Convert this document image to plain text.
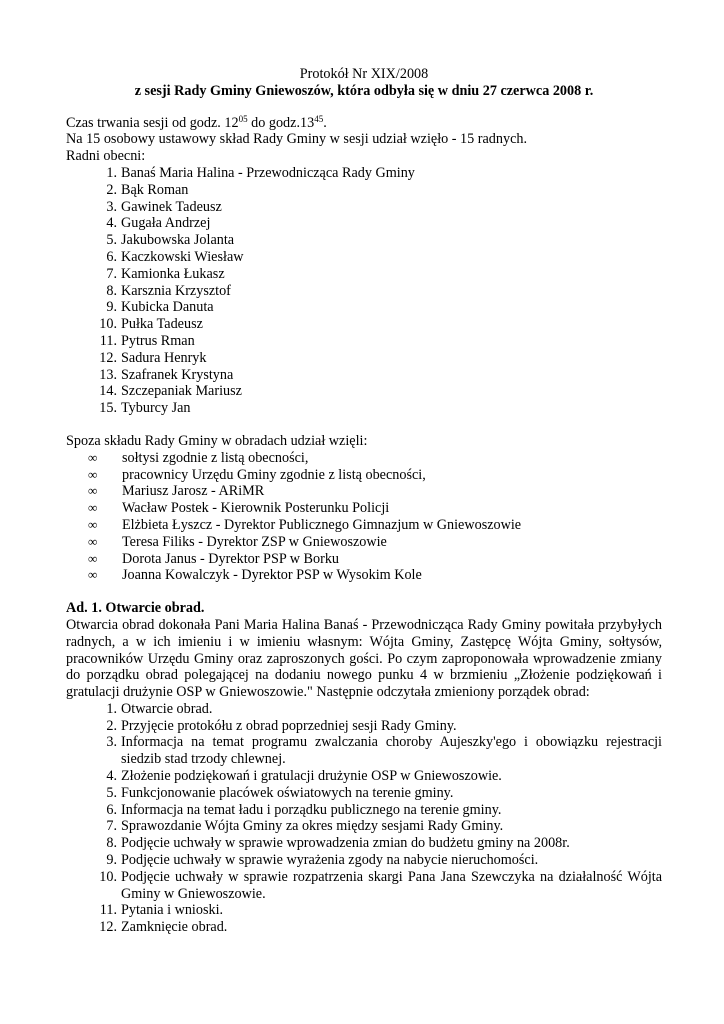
Protokół Nr XIX/2008

z sesji Rady Gminy Gniewoszów, która odbyła się w dniu 27 czerwca 2008 r.

Czas trwania sesji od godz. $12^{05}$ do $godz.13^{45}$.

Na 15 osobowy ustawowy skład Rady Gminy w sesji udział wzięło - 15 radnych.

Radni obecni:

1. Banaś Maria Halina - Przewodnicząca Rady Gminy
2. Bąk Roman
3. Gawinek Tadeusz
4. Gugała Andrzej
5. Jakubowska Jolanta
6. Kaczkowski Wiesław
7. Kamionka Łukasz
8. Karsznia Krzysztof
9. Kubicka Danuta
10. Pułka Tadeusz
11. Pytrus Rman
12. Sadura Henryk
13. Szafranek Krystyna
14. Szczepaniak Mariusz
15. Tyburcy Jan

Spoza składu Rady Gminy w obradach udział wzięli:

∞ sołtysi zgodnie z listą obecności,
∞ pracownicy Urzędu Gminy zgodnie z listą obecności,
∞ Mariusz Jarosz - ARiMR
∞ Wacław Postek - Kierownik Posterunku Policji
∞ Elżbieta Łyszcz - Dyrektor Publicznego Gimnazjum w Gniewoszowie
∞ Teresa Filiks - Dyrektor ZSP w Gniewoszowie
∞ Dorota Janus - Dyrektor PSP w Borku
∞ Joanna Kowalczyk - Dyrektor PSP w Wysokim Kole

Ad. 1. Otwarcie obrad.

Otwarcia obrad dokonała Pani Maria Halina Banaś - Przewodnicząca Rady Gminy powitała przybyłych radnych, a w ich imieniu i w imieniu własnym: Wójta Gminy, Zastępcę Wójta Gminy, sołtysów, pracowników Urzędu Gminy oraz zaproszonych gości. Po czym zaproponowała wprowadzenie zmiany do porządku obrad polegającej na dodaniu nowego punku 4 w brzmieniu „Złożenie podziękowań i gratulacji drużynie OSP w Gniewoszowie." Następnie odczytała zmieniony porządek obrad:

1. Otwarcie obrad.
2. Przyjęcie protokółu z obrad poprzedniej sesji Rady Gminy.
3. Informacja na temat programu zwalczania choroby Aujeszky'ego i obowiązku rejestracji siedzib stad trzody chlewnej.
4. Złożenie podziękowań i gratulacji drużynie OSP w Gniewoszowie.
5. Funkcjonowanie placówek oświatowych na terenie gminy.
6. Informacja na temat ładu i porządku publicznego na terenie gminy.
7. Sprawozdanie Wójta Gminy za okres między sesjami Rady Gminy.
8. Podjęcie uchwały w sprawie wprowadzenia zmian do budżetu gminy na 2008r.
9. Podjęcie uchwały w sprawie wyrażenia zgody na nabycie nieruchomości.
10. Podjęcie uchwały w sprawie rozpatrzenia skargi Pana Jana Szewczyka na działalność Wójta Gminy w Gniewoszowie.
11. Pytania i wnioski.
12. Zamknięcie obrad.
